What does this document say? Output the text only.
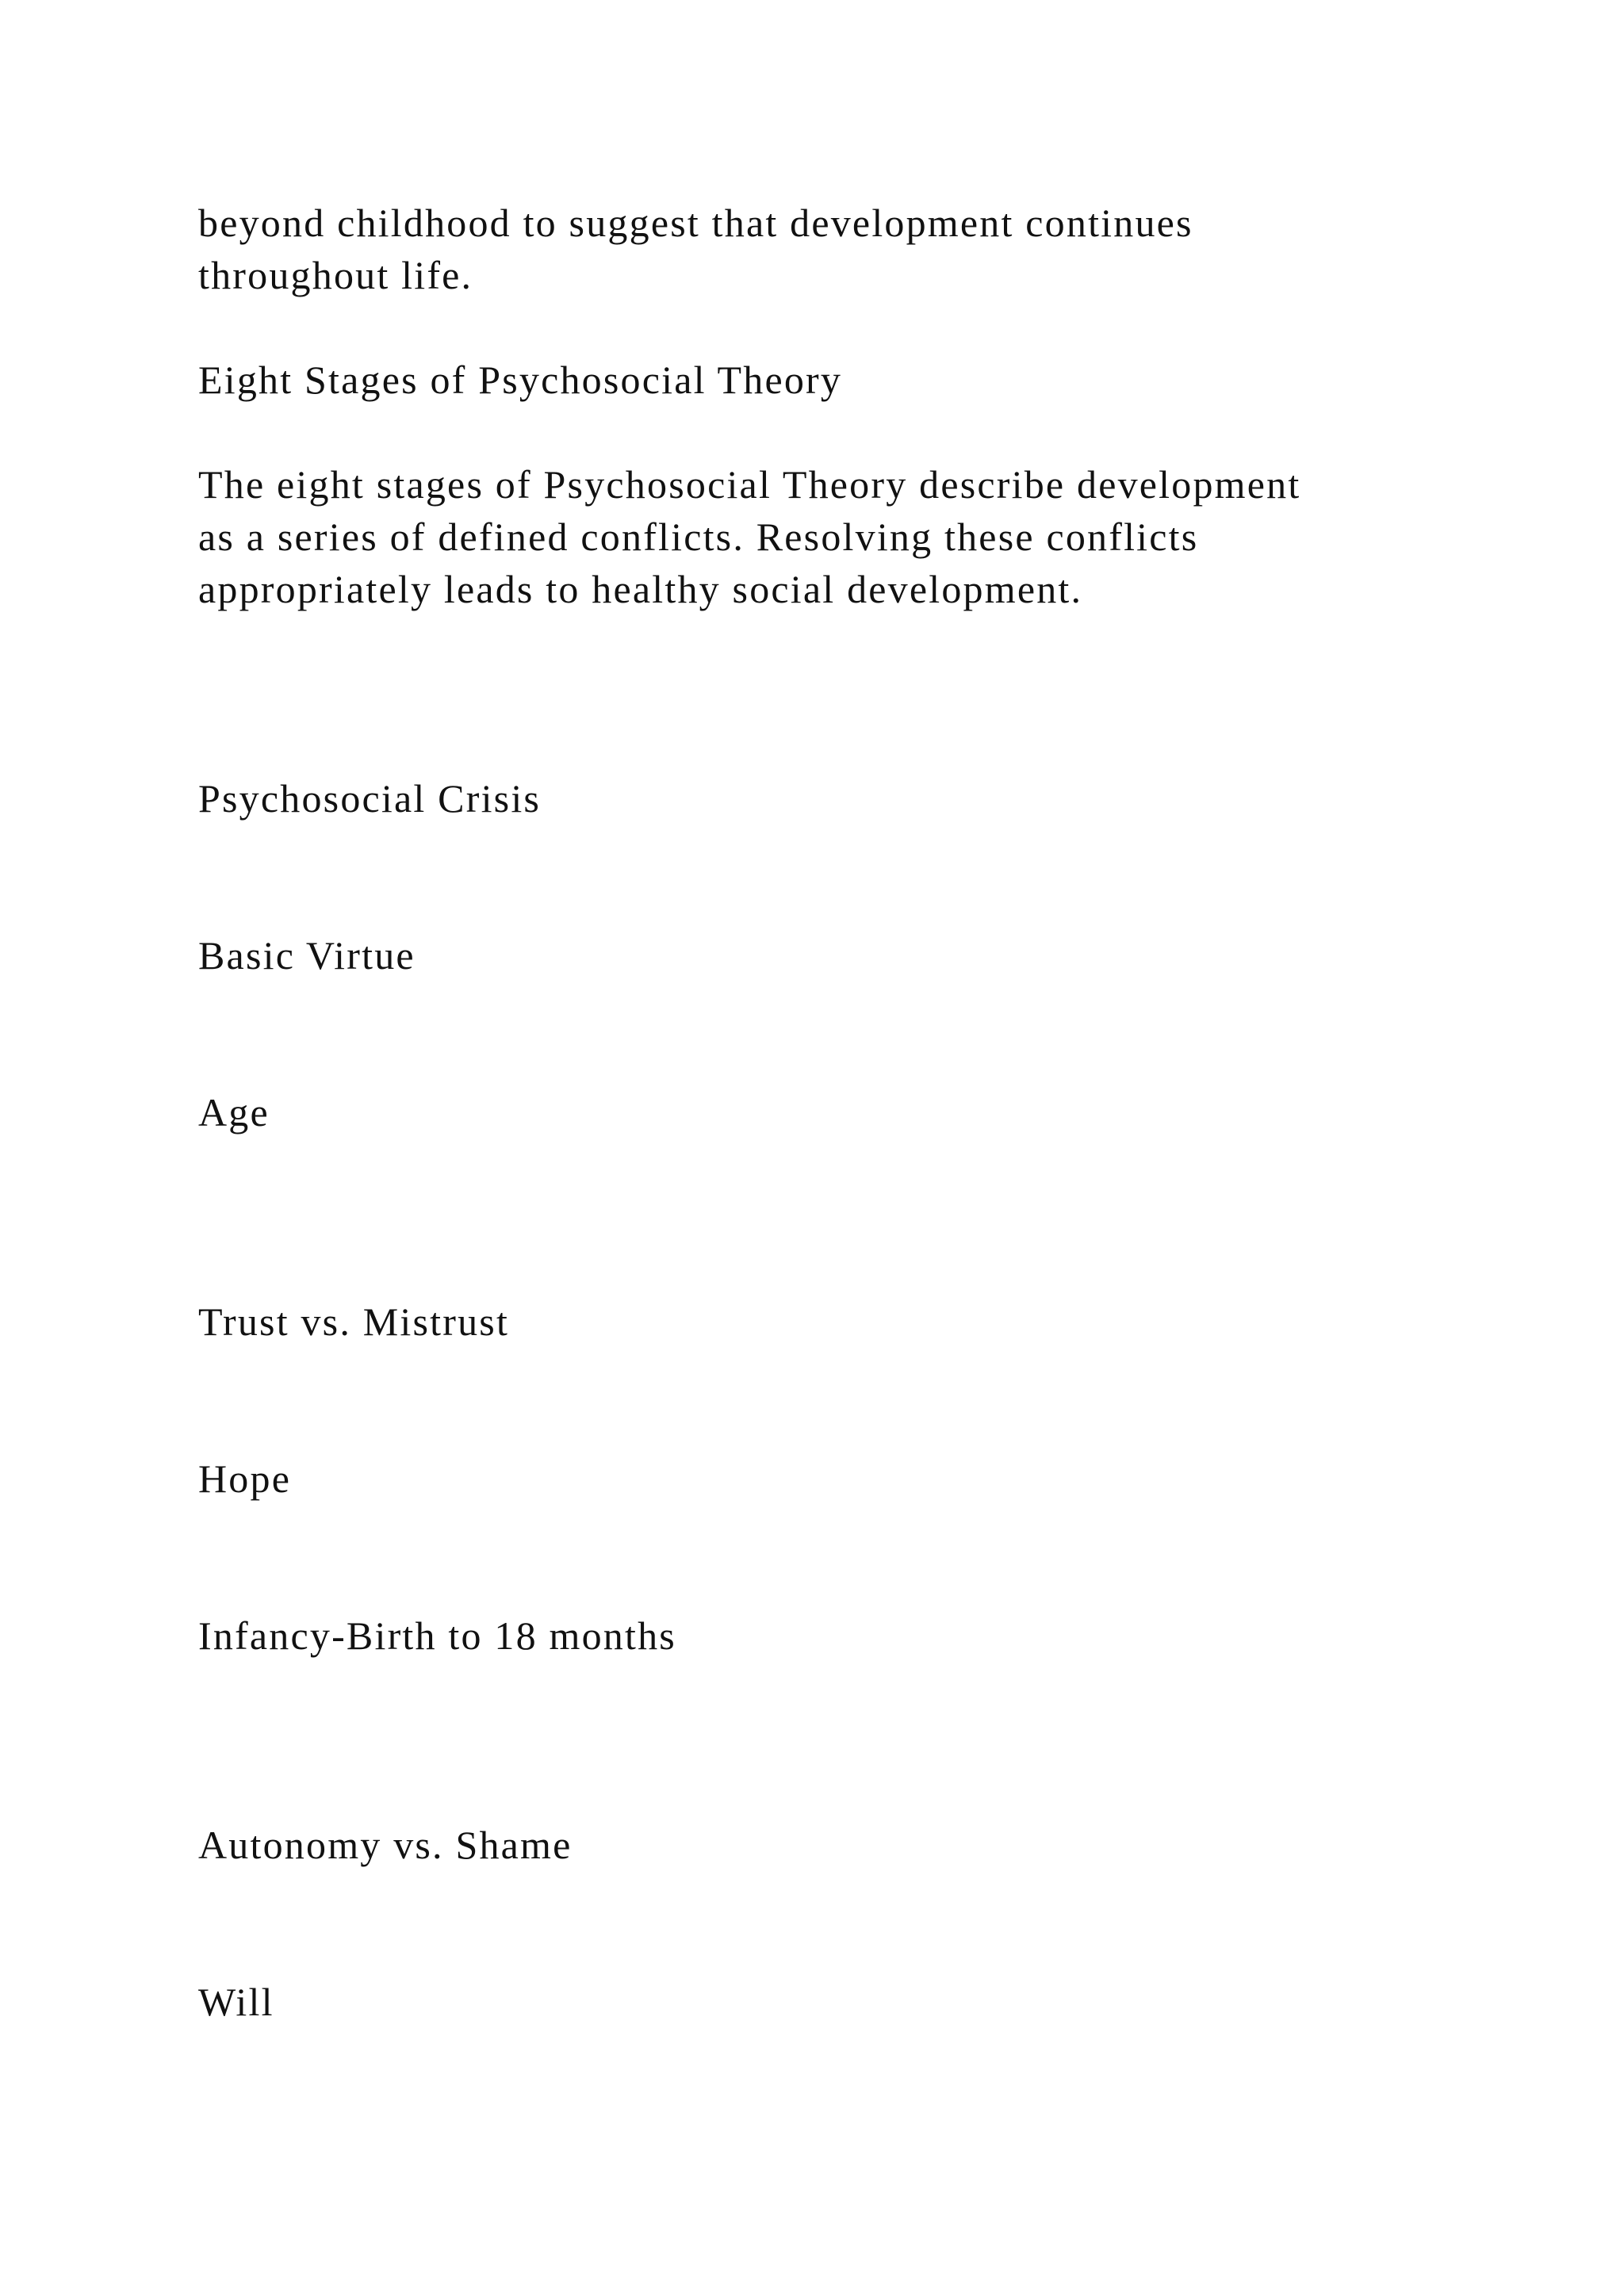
beyond childhood to suggest that development continues

throughout life.

Eight Stages of Psychosocial Theory

The eight stages of Psychosocial Theory describe development

as a series of defined conflicts. Resolving these conflicts

appropriately leads to healthy social development.

Psychosocial Crisis

Basic Virtue

Age

Trust vs. Mistrust

Hope

Infancy-Birth to 18 months

Autonomy vs. Shame

Will
